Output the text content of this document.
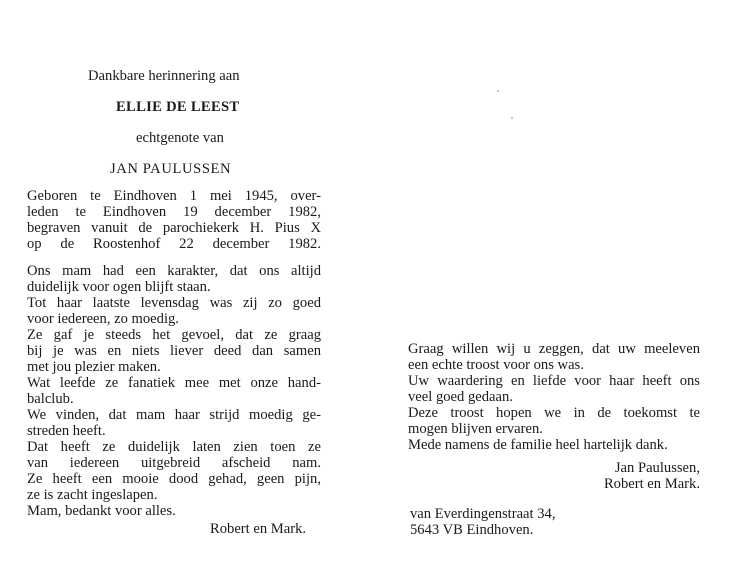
Dankbare herinnering aan
ELLIE DE LEEST
echtgenote van
JAN PAULUSSEN
Geboren te Eindhoven 1 mei 1945, over-
leden te Eindhoven 19 december 1982,
begraven vanuit de parochiekerk H. Pius X
op de Roostenhof 22 december 1982.
Ons mam had een karakter, dat ons altijd
duidelijk voor ogen blijft staan.
Tot haar laatste levensdag was zij zo goed
voor iedereen, zo moedig.
Ze gaf je steeds het gevoel, dat ze graag
bij je was en niets liever deed dan samen
met jou plezier maken.
Wat leefde ze fanatiek mee met onze hand-
balclub.
We vinden, dat mam haar strijd moedig ge-
streden heeft.
Dat heeft ze duidelijk laten zien toen ze
van iedereen uitgebreid afscheid nam.
Ze heeft een mooie dood gehad, geen pijn,
ze is zacht ingeslapen.
Mam, bedankt voor alles.
Robert en Mark.
Graag willen wij u zeggen, dat uw meeleven
een echte troost voor ons was.
Uw waardering en liefde voor haar heeft ons
veel goed gedaan.
Deze troost hopen we in de toekomst te
mogen blijven ervaren.
Mede namens de familie heel hartelijk dank.
Jan Paulussen,
Robert en Mark.
van Everdingenstraat 34,
5643 VB Eindhoven.
